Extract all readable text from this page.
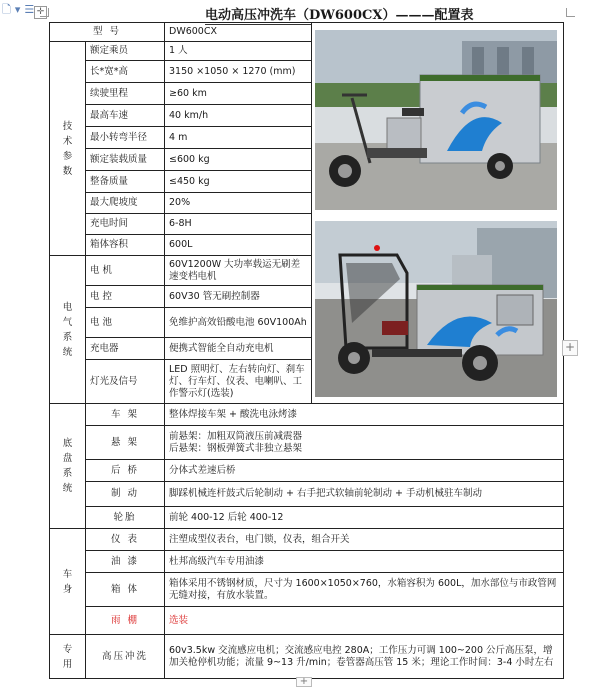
🗋 ▾ ☰ ✛	电动高压冲洗车（DW600CX）———配置表
型 号		DW600CX	

技
术
参
数	额定乘员	1 人	
	长*宽*高	3150 ×1050 × 1270 (mm)	
	续驶里程	≥60 km	
	最高车速	40 km/h	
	最小转弯半径	4 m	
	额定装载质量	≤600 kg	
	整备质量	≤450 kg	
	最大爬坡度	20%	
	充电时间	6-8H	
	箱体容积	600L	

电
气
系
统	电 机	60V1200W 大功率载运无刷差速变档电机	
	电 控	60V30 管无刷控制器	
	电 池	免维护高效铅酸电池 60V100Ah	
	充电器	便携式智能全自动充电机	
	灯光及信号	LED 照明灯、左右转向灯、刹车灯、行车灯、仪表、电喇叭、工作警示灯(选装)	

底
盘
系
统	车 架	整体焊接车架 + 酸洗电泳烤漆	
	悬 架	前悬架：加粗双筒液压前减震器
后悬架：钢板弹簧式非独立悬架	

	后 桥	分体式差速后桥	
	制 动	脚踩机械连杆鼓式后轮制动 + 右手把式软轴前轮制动 + 手动机械驻车制动	
	轮胎	前轮 400-12 后轮 400-12	

车
身	仪 表	注塑成型仪表台，电门锁，仪表，组合开关	
	油 漆	杜邦高级汽车专用油漆	
	箱 体	箱体采用不锈钢材质，尺寸为 1600×1050×760，水箱容积为 600L，加水部位与市政管网无缝对接，有放水装置。	
	雨 棚	选装	

专
用	高压冲洗	60v3.5kw 交流感应电机；交流感应电控 280A；工作压力可调 100~200 公斤高压泵，增加关枪停机功能；流量 9~13 升/min；卷管器高压管 15 米；理论工作时间：3-4 小时左右	
+
+
